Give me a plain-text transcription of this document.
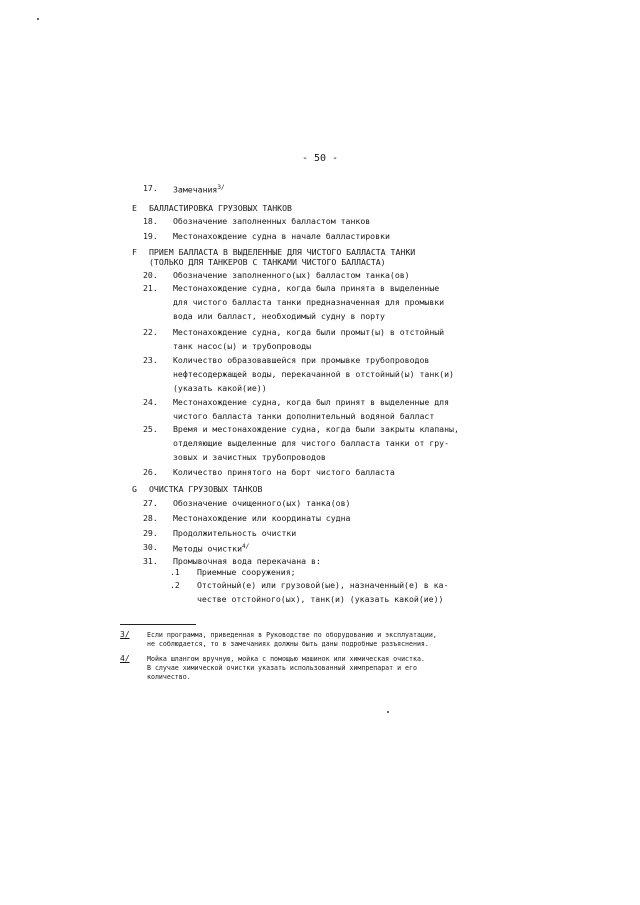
- 50 -
17. Замечания$^{3/}$
E БАЛЛАСТИРОВКА ГРУЗОВЫХ ТАНКОВ
18. Обозначение заполненных балластом танков
19. Местонахождение судна в начале балластировки
F ПРИЕМ БАЛЛАСТА В ВЫДЕЛЕННЫЕ ДЛЯ ЧИСТОГО БАЛЛАСТА ТАНКИ
(ТОЛЬКО ДЛЯ ТАНКЕРОВ С ТАНКАМИ ЧИСТОГО БАЛЛАСТА)
20. Обозначение заполненного(ых) балластом танка(ов)
21. Местонахождение судна, когда была принята в выделенные
для чистого балласта танки предназначенная для промывки
вода или балласт, необходимый судну в порту
22. Местонахождение судна, когда были промыт(ы) в отстойный
танк насос(ы) и трубопроводы
23. Количество образовавшейся при промывке трубопроводов
нефтесодержащей воды, перекачанной в отстойный(ы) танк(и)
(указать какой(ие))
24. Местонахождение судна, когда был принят в выделенные для
чистого балласта танки дополнительный водяной балласт
25. Время и местонахождение судна, когда были закрыты клапаны,
отделяющие выделенные для чистого балласта танки от гру-
зовых и зачистных трубопроводов
26. Количество принятого на борт чистого балласта
G ОЧИСТКА ГРУЗОВЫХ ТАНКОВ
27. Обозначение очищенного(ых) танка(ов)
28. Местонахождение или координаты судна
29. Продолжительность очистки
30. Методы очистки$^{4/}$
31. Промывочная вода перекачана в:
.1 Приемные сооружения;
.2 Отстойный(е) или грузовой(ые), назначенный(е) в ка-
честве отстойного(ых), танк(и) (указать какой(ие))
3/	Если программа, приведенная в Руководстве по оборудованию и эксплуатации,
не соблюдается, то в замечаниях должны быть даны подробные разъяснения.
4/	Мойка шлангом вручную, мойка с помощью машинок или химическая очистка.
В случае химической очистки указать использованный химпрепарат и его
количество.
